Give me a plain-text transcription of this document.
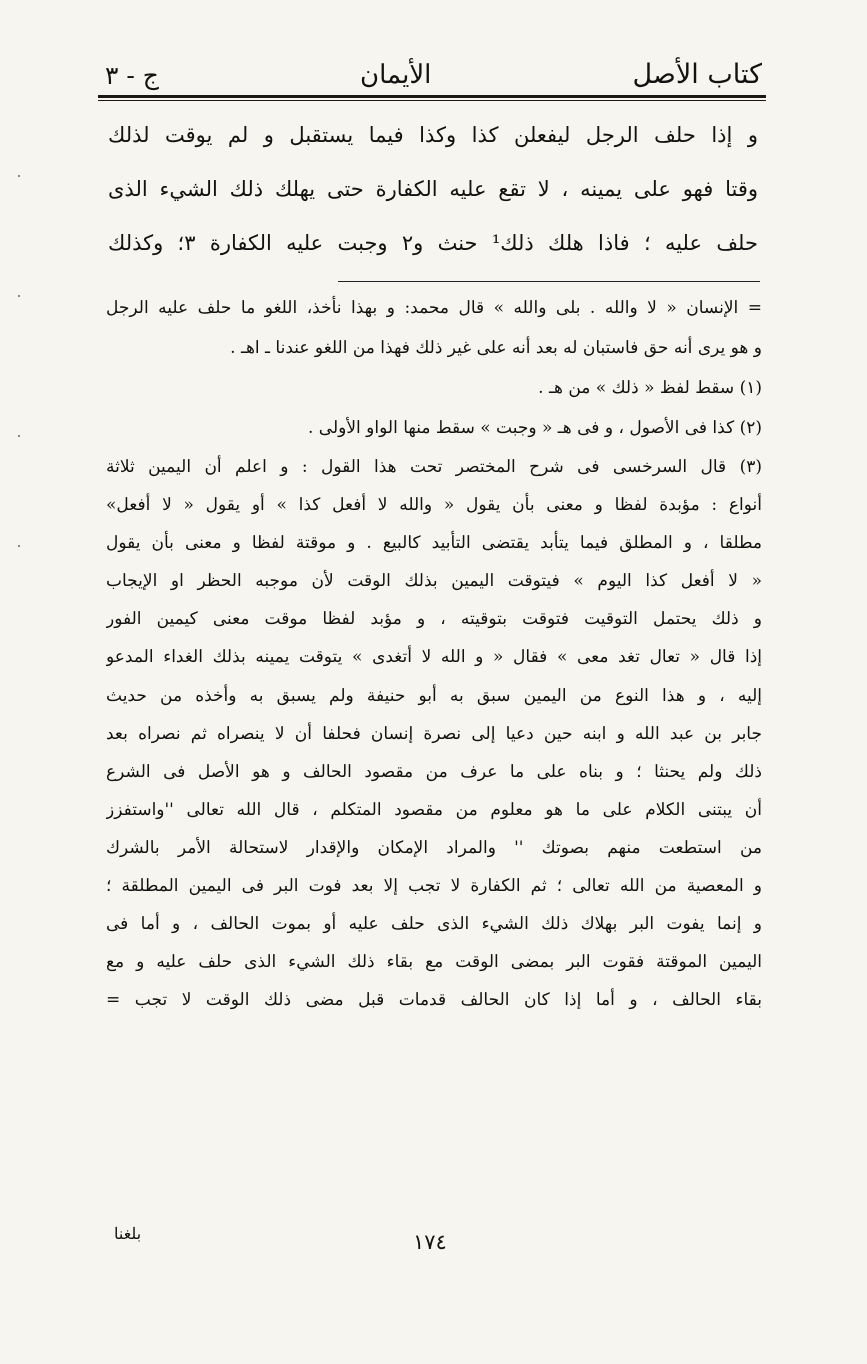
كتاب الأصل
الأيمان
ج - ٣
و إذا حلف الرجل ليفعلن كذا وكذا فيما يستقبل و لم يوقت لذلك
وقتا فهو على يمينه ، لا تقع عليه الكفارة حتى يهلك ذلك الشيء الذى
حلف عليه ؛ فاذا هلك ذلك¹ حنث و٢ وجبت عليه الكفارة ٣؛ وكذلك
= الإنسان « لا والله . بلى والله » قال محمد: و بهذا نأخذ، اللغو ما حلف عليه الرجل
و هو يرى أنه حق فاستبان له بعد أنه على غير ذلك فهذا من اللغو عندنا ـ اهـ .
(١) سقط لفظ « ذلك » من هـ .
(٢) كذا فى الأصول ، و فى هـ « وجبت » سقط منها الواو الأولى .
(٣) قال السرخسى فى شرح المختصر تحت هذا القول : و اعلم أن اليمين ثلاثة
أنواع : مؤبدة لفظا و معنى بأن يقول « والله لا أفعل كذا » أو يقول « لا أفعل»
مطلقا ، و المطلق فيما يتأبد يقتضى التأبيد كالبيع . و موقتة لفظا و معنى بأن يقول
« لا أفعل كذا اليوم » فيتوقت اليمين بذلك الوقت لأن موجبه الحظر او الإيجاب
و ذلك يحتمل التوقيت فتوقت بتوقيته ، و مؤبد لفظا موقت معنى كيمين الفور
إذا قال « تعال تغد معى » فقال « و الله لا أتغدى » يتوقت يمينه بذلك الغداء المدعو
إليه ، و هذا النوع من اليمين سبق به أبو حنيفة ولم يسبق به وأخذه من حديث
جابر بن عبد الله و ابنه حين دعيا إلى نصرة إنسان فحلفا أن لا ينصراه ثم نصراه بعد
ذلك ولم يحنثا ؛ و بناه على ما عرف من مقصود الحالف و هو الأصل فى الشرع
أن يبتنى الكلام على ما هو معلوم من مقصود المتكلم ، قال الله تعالى ''واستفزز
من استطعت منهم بصوتك '' والمراد الإمكان والإقدار لاستحالة الأمر بالشرك
و المعصية من الله تعالى ؛ ثم الكفارة لا تجب إلا بعد فوت البر فى اليمين المطلقة ؛
و إنما يفوت البر بهلاك ذلك الشيء الذى حلف عليه أو بموت الحالف ، و أما فى
اليمين الموقتة فقوت البر بمضى الوقت مع بقاء ذلك الشيء الذى حلف عليه و مع
بقاء الحالف ، و أما إذا كان الحالف قدمات قبل مضى ذلك الوقت لا تجب =
١٧٤
بلغنا
